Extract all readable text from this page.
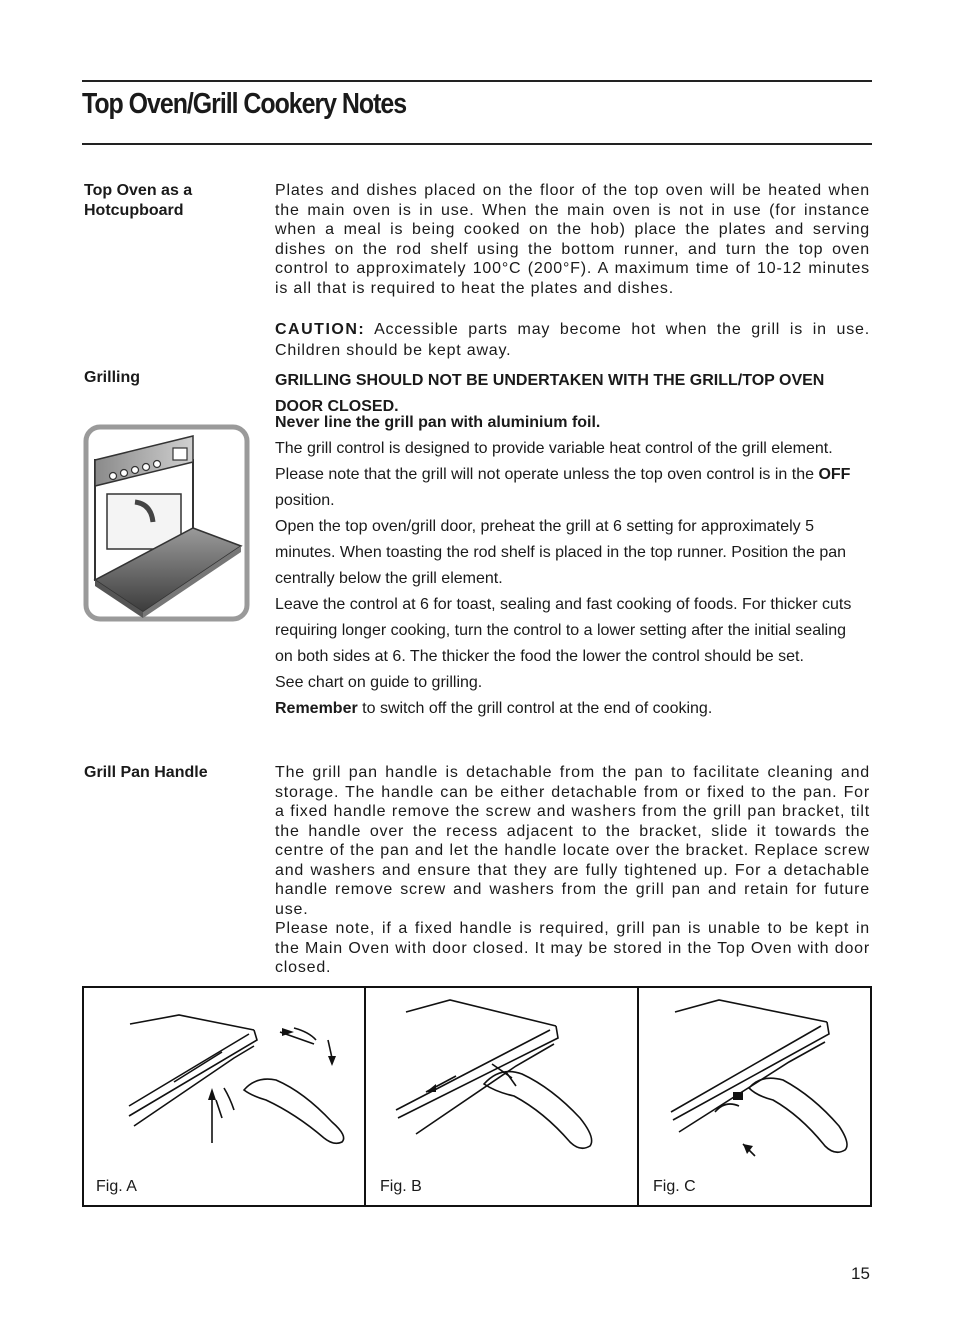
Top Oven/Grill Cookery Notes
Top Oven as a Hotcupboard

Plates and dishes placed on the floor of the top oven will be heated when the main oven is in use. When the main oven is not in use (for instance when a meal is being cooked on the hob) place the plates and serving dishes on the rod shelf using the bottom runner, and turn the top oven control to approximately 100°C (200°F). A maximum time of 10-12 minutes is all that is required to heat the plates and dishes.

CAUTION: Accessible parts may become hot when the grill is in use. Children should be kept away.

Grilling	GRILLING SHOULD NOT BE UNDERTAKEN WITH THE GRILL/TOP OVEN DOOR CLOSED.

Never line the grill pan with aluminium foil.

The grill control is designed to provide variable heat control of the grill element. Please note that the grill will not operate unless the top oven control is in the OFF position.
Open the top oven/grill door, preheat the grill at 6 setting for approximately 5 minutes. When toasting the rod shelf is placed in the top runner. Position the pan centrally below the grill element.
Leave the control at 6 for toast, sealing and fast cooking of foods. For thicker cuts requiring longer cooking, turn the control to a lower setting after the initial sealing on both sides at 6. The thicker the food the lower the control should be set.
See chart on guide to grilling.
Remember to switch off the grill control at the end of cooking.
Grill Pan Handle	The grill pan handle is detachable from the pan to facilitate cleaning and storage. The handle can be either detachable from or fixed to the pan. For a fixed handle remove the screw and washers from the grill pan bracket, tilt the handle over the recess adjacent to the bracket, slide it towards the centre of the pan and let the handle locate over the bracket. Replace screw and washers and ensure that they are fully tightened up. For a detachable handle remove screw and washers from the grill pan and retain for future use.

Please note, if a fixed handle is required, grill pan is unable to be kept in the Main Oven with door closed. It may be stored in the Top Oven with door closed.

Fig. A	Fig. B	Fig. C
15
